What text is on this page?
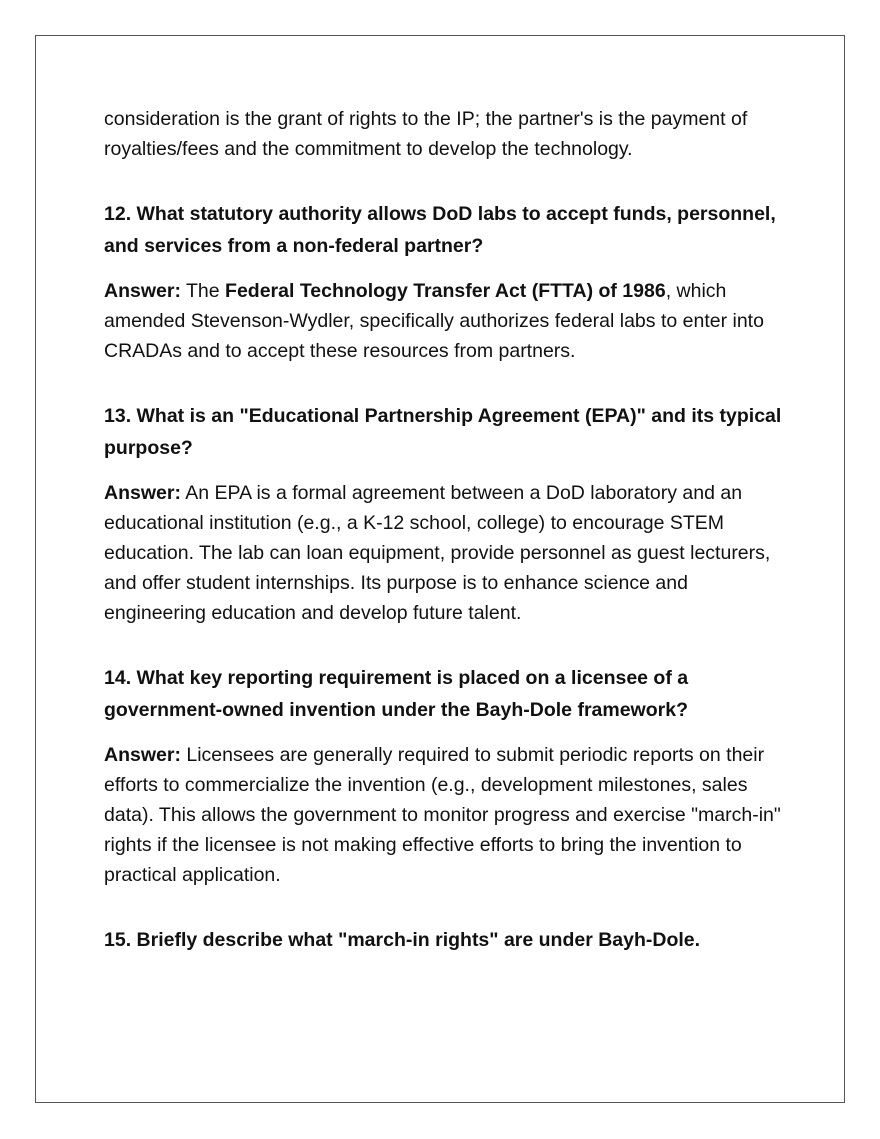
consideration is the grant of rights to the IP; the partner's is the payment of royalties/fees and the commitment to develop the technology.

12. What statutory authority allows DoD labs to accept funds, personnel, and services from a non-federal partner?

Answer: The Federal Technology Transfer Act (FTTA) of 1986, which amended Stevenson-Wydler, specifically authorizes federal labs to enter into CRADAs and to accept these resources from partners.

13. What is an "Educational Partnership Agreement (EPA)" and its typical purpose?

Answer: An EPA is a formal agreement between a DoD laboratory and an educational institution (e.g., a K-12 school, college) to encourage STEM education. The lab can loan equipment, provide personnel as guest lecturers, and offer student internships. Its purpose is to enhance science and engineering education and develop future talent.

14. What key reporting requirement is placed on a licensee of a government-owned invention under the Bayh-Dole framework?

Answer: Licensees are generally required to submit periodic reports on their efforts to commercialize the invention (e.g., development milestones, sales data). This allows the government to monitor progress and exercise "march-in" rights if the licensee is not making effective efforts to bring the invention to practical application.

15. Briefly describe what "march-in rights" are under Bayh-Dole.
